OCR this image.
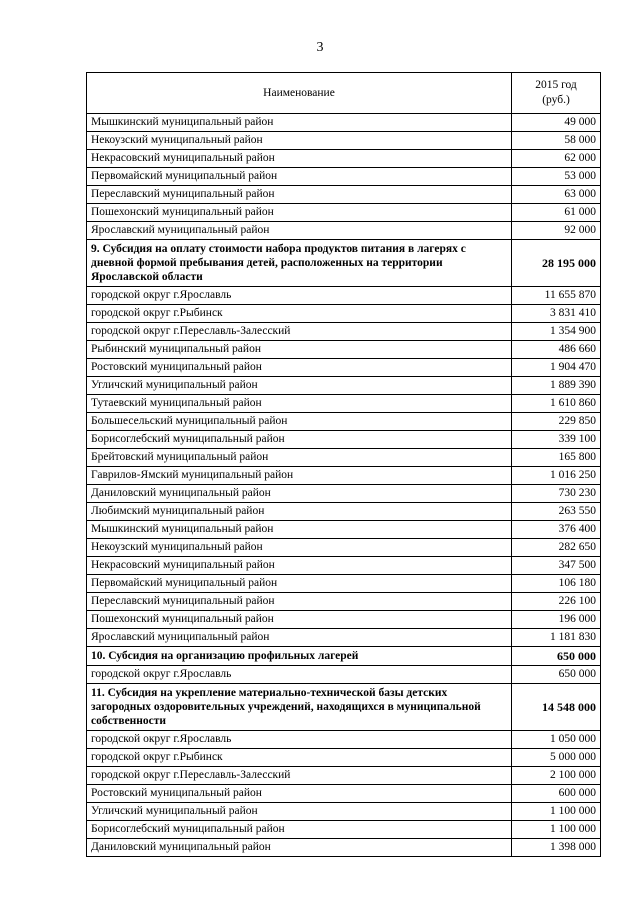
3
Наименование	2015 год
(руб.)
Мышкинский муниципальный район	49 000
Некоузский муниципальный район	58 000
Некрасовский муниципальный район	62 000
Первомайский муниципальный район	53 000
Переславский муниципальный район	63 000
Пошехонский муниципальный район	61 000
Ярославский муниципальный район	92 000
9. Субсидия на оплату стоимости набора продуктов питания в лагерях с дневной формой пребывания детей, расположенных на территории Ярославской области	28 195 000
городской округ г.Ярославль	11 655 870
городской округ г.Рыбинск	3 831 410
городской округ г.Переславль-Залесский	1 354 900
Рыбинский муниципальный район	486 660
Ростовский муниципальный район	1 904 470
Угличский муниципальный район	1 889 390
Тутаевский муниципальный район	1 610 860
Большесельский муниципальный район	229 850
Борисоглебский муниципальный район	339 100
Брейтовский муниципальный район	165 800
Гаврилов-Ямский муниципальный район	1 016 250
Даниловский муниципальный район	730 230
Любимский муниципальный район	263 550
Мышкинский муниципальный район	376 400
Некоузский муниципальный район	282 650
Некрасовский муниципальный район	347 500
Первомайский муниципальный район	106 180
Переславский муниципальный район	226 100
Пошехонский муниципальный район	196 000
Ярославский муниципальный район	1 181 830
10. Субсидия на организацию профильных лагерей	650 000
городской округ г.Ярославль	650 000
11. Субсидия на укрепление материально-технической базы детских загородных оздоровительных учреждений, находящихся в муниципальной собственности	14 548 000
городской округ г.Ярославль	1 050 000
городской округ г.Рыбинск	5 000 000
городской округ г.Переславль-Залесский	2 100 000
Ростовский муниципальный район	600 000
Угличский муниципальный район	1 100 000
Борисоглебский муниципальный район	1 100 000
Даниловский муниципальный район	1 398 000
